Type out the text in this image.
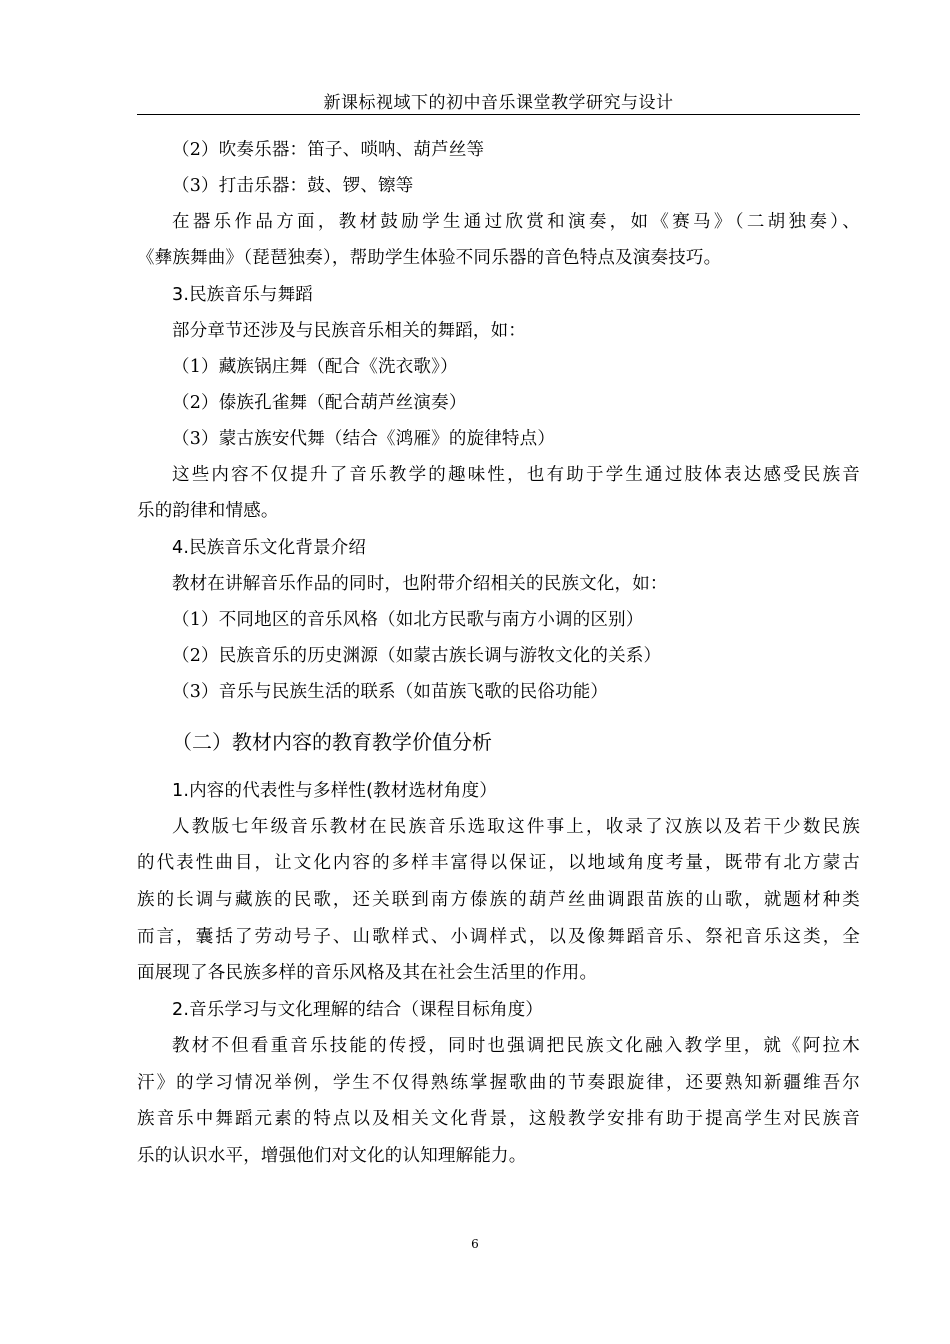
新课标视域下的初中音乐课堂教学研究与设计
（2）吹奏乐器：笛子、唢呐、葫芦丝等
（3）打击乐器：鼓、锣、镲等
在器乐作品方面，教材鼓励学生通过欣赏和演奏，如《赛马》（二胡独奏）、
《彝族舞曲》（琵琶独奏），帮助学生体验不同乐器的音色特点及演奏技巧。
3.民族音乐与舞蹈
部分章节还涉及与民族音乐相关的舞蹈，如：
（1）藏族锅庄舞（配合《洗衣歌》）
（2）傣族孔雀舞（配合葫芦丝演奏）
（3）蒙古族安代舞（结合《鸿雁》的旋律特点）
这些内容不仅提升了音乐教学的趣味性，也有助于学生通过肢体表达感受民族音
乐的韵律和情感。
4.民族音乐文化背景介绍
教材在讲解音乐作品的同时，也附带介绍相关的民族文化，如：
（1）不同地区的音乐风格（如北方民歌与南方小调的区别）
（2）民族音乐的历史渊源（如蒙古族长调与游牧文化的关系）
（3）音乐与民族生活的联系（如苗族飞歌的民俗功能）
（二）教材内容的教育教学价值分析
1.内容的代表性与多样性(教材选材角度）
人教版七年级音乐教材在民族音乐选取这件事上，收录了汉族以及若干少数民族
的代表性曲目，让文化内容的多样丰富得以保证，以地域角度考量，既带有北方蒙古
族的长调与藏族的民歌，还关联到南方傣族的葫芦丝曲调跟苗族的山歌，就题材种类
而言，囊括了劳动号子、山歌样式、小调样式，以及像舞蹈音乐、祭祀音乐这类，全
面展现了各民族多样的音乐风格及其在社会生活里的作用。
2.音乐学习与文化理解的结合（课程目标角度）
教材不但看重音乐技能的传授，同时也强调把民族文化融入教学里，就《阿拉木
汗》的学习情况举例，学生不仅得熟练掌握歌曲的节奏跟旋律，还要熟知新疆维吾尔
族音乐中舞蹈元素的特点以及相关文化背景，这般教学安排有助于提高学生对民族音
乐的认识水平，增强他们对文化的认知理解能力。
6
